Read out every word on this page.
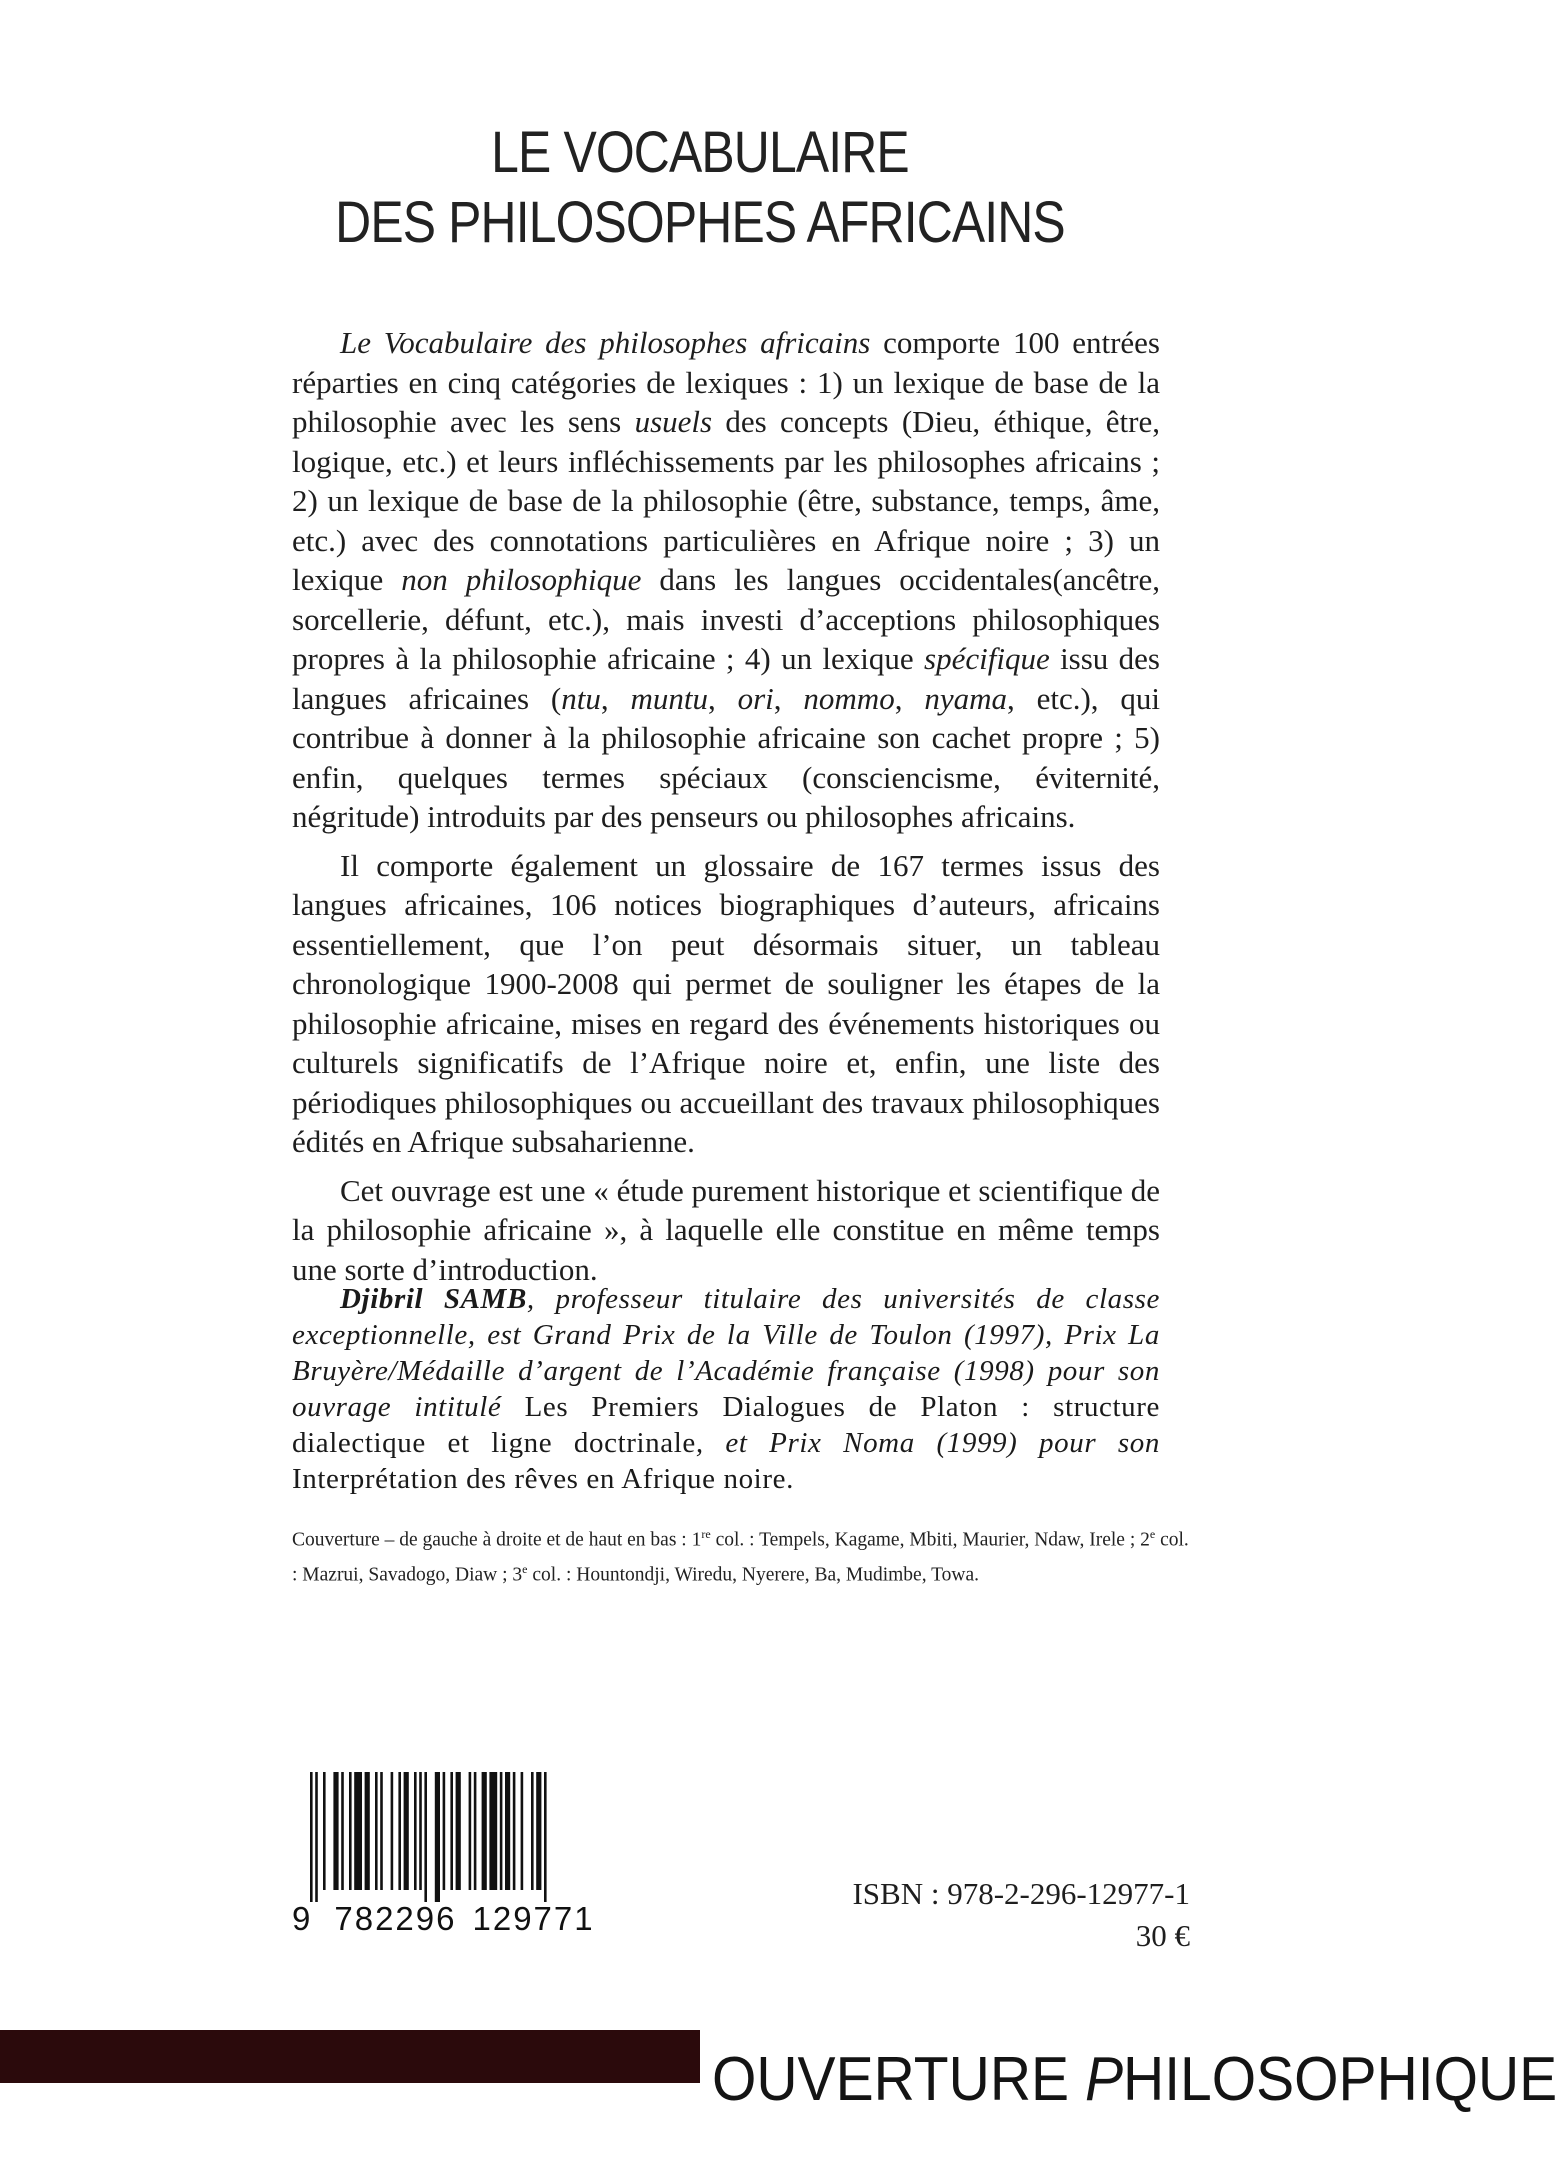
LE VOCABULAIRE
DES PHILOSOPHES AFRICAINS

Le Vocabulaire des philosophes africains comporte 100 entrées réparties en cinq catégories de lexiques : 1) un lexique de base de la philosophie avec les sens usuels des concepts (Dieu, éthique, être, logique, etc.) et leurs infléchissements par les philosophes africains ; 2) un lexique de base de la philosophie (être, substance, temps, âme, etc.) avec des connotations particulières en Afrique noire ; 3) un lexique non philosophique dans les langues occidentales(ancêtre, sorcellerie, défunt, etc.), mais investi d’acceptions philosophiques propres à la philosophie africaine ; 4) un lexique spécifique issu des langues africaines (ntu, muntu, ori, nommo, nyama, etc.), qui contribue à donner à la philosophie africaine son cachet propre ; 5) enfin, quelques termes spéciaux (consciencisme, éviternité, négritude) introduits par des penseurs ou philosophes africains.

Il comporte également un glossaire de 167 termes issus des langues africaines, 106 notices biographiques d’auteurs, africains essentiellement, que l’on peut désormais situer, un tableau chronologique 1900-2008 qui permet de souligner les étapes de la philosophie africaine, mises en regard des événements historiques ou culturels significatifs de l’Afrique noire et, enfin, une liste des périodiques philosophiques ou accueillant des travaux philosophiques édités en Afrique subsaharienne.

Cet ouvrage est une « étude purement historique et scientifique de la philosophie africaine », à laquelle elle constitue en même temps une sorte d’introduction.

Djibril SAMB, professeur titulaire des universités de classe exceptionnelle, est Grand Prix de la Ville de Toulon (1997), Prix La Bruyère/Médaille d’argent de l’Académie française (1998) pour son ouvrage intitulé Les Premiers Dialogues de Platon : structure dialectique et ligne doctrinale, et Prix Noma (1999) pour son Interprétation des rêves en Afrique noire.

Couverture – de gauche à droite et de haut en bas : 1re col. : Tempels, Kagame, Mbiti, Maurier, Ndaw, Irele ; 2e col. : Mazrui, Savadogo, Diaw ; 3e col. : Hountondji, Wiredu, Nyerere, Ba, Mudimbe, Towa.
9 782296 129771
ISBN : 978-2-296-12977-1
30 €
OUVERTURE PHILOSOPHIQUE
